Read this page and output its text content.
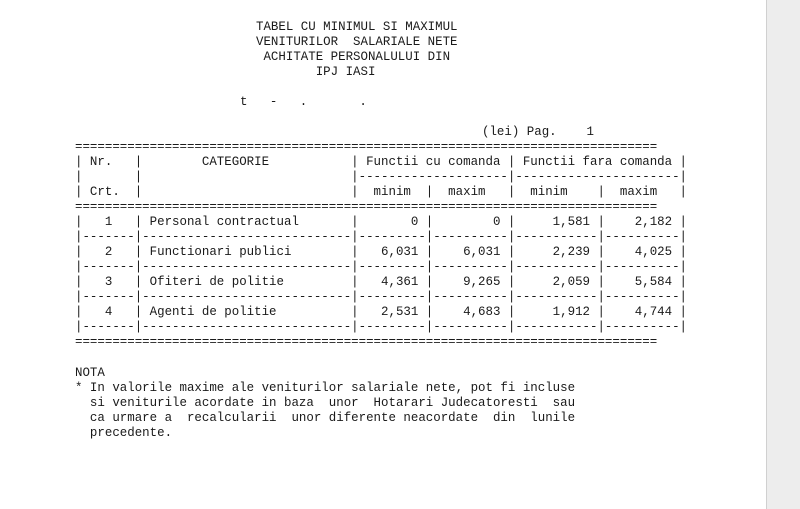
TABEL CU MINIMUL SI MAXIMUL
VENITURILOR  SALARIALE NETE
ACHITATE PERSONALULUI DIN
IPJ IASI
t   -   .       .
(lei) Pag.    1
==============================================================================
| Nr.   |        CATEGORIE           | Functii cu comanda | Functii fara comanda |
|       |                            |--------------------|----------------------|
| Crt.  |                            |  minim  |  maxim   |  minim    |  maxim   |
==============================================================================
|   1   | Personal contractual       |       0 |        0 |     1,581 |    2,182 |
|-------|----------------------------|---------|----------|-----------|----------|
|   2   | Functionari publici        |   6,031 |    6,031 |     2,239 |    4,025 |
|-------|----------------------------|---------|----------|-----------|----------|
|   3   | Ofiteri de politie         |   4,361 |    9,265 |     2,059 |    5,584 |
|-------|----------------------------|---------|----------|-----------|----------|
|   4   | Agenti de politie          |   2,531 |    4,683 |     1,912 |    4,744 |
|-------|----------------------------|---------|----------|-----------|----------|
==============================================================================
NOTA
* In valorile maxime ale veniturilor salariale nete, pot fi incluse
si veniturile acordate in baza  unor  Hotarari Judecatoresti  sau
ca urmare a  recalcularii  unor diferente neacordate  din  lunile
precedente.
